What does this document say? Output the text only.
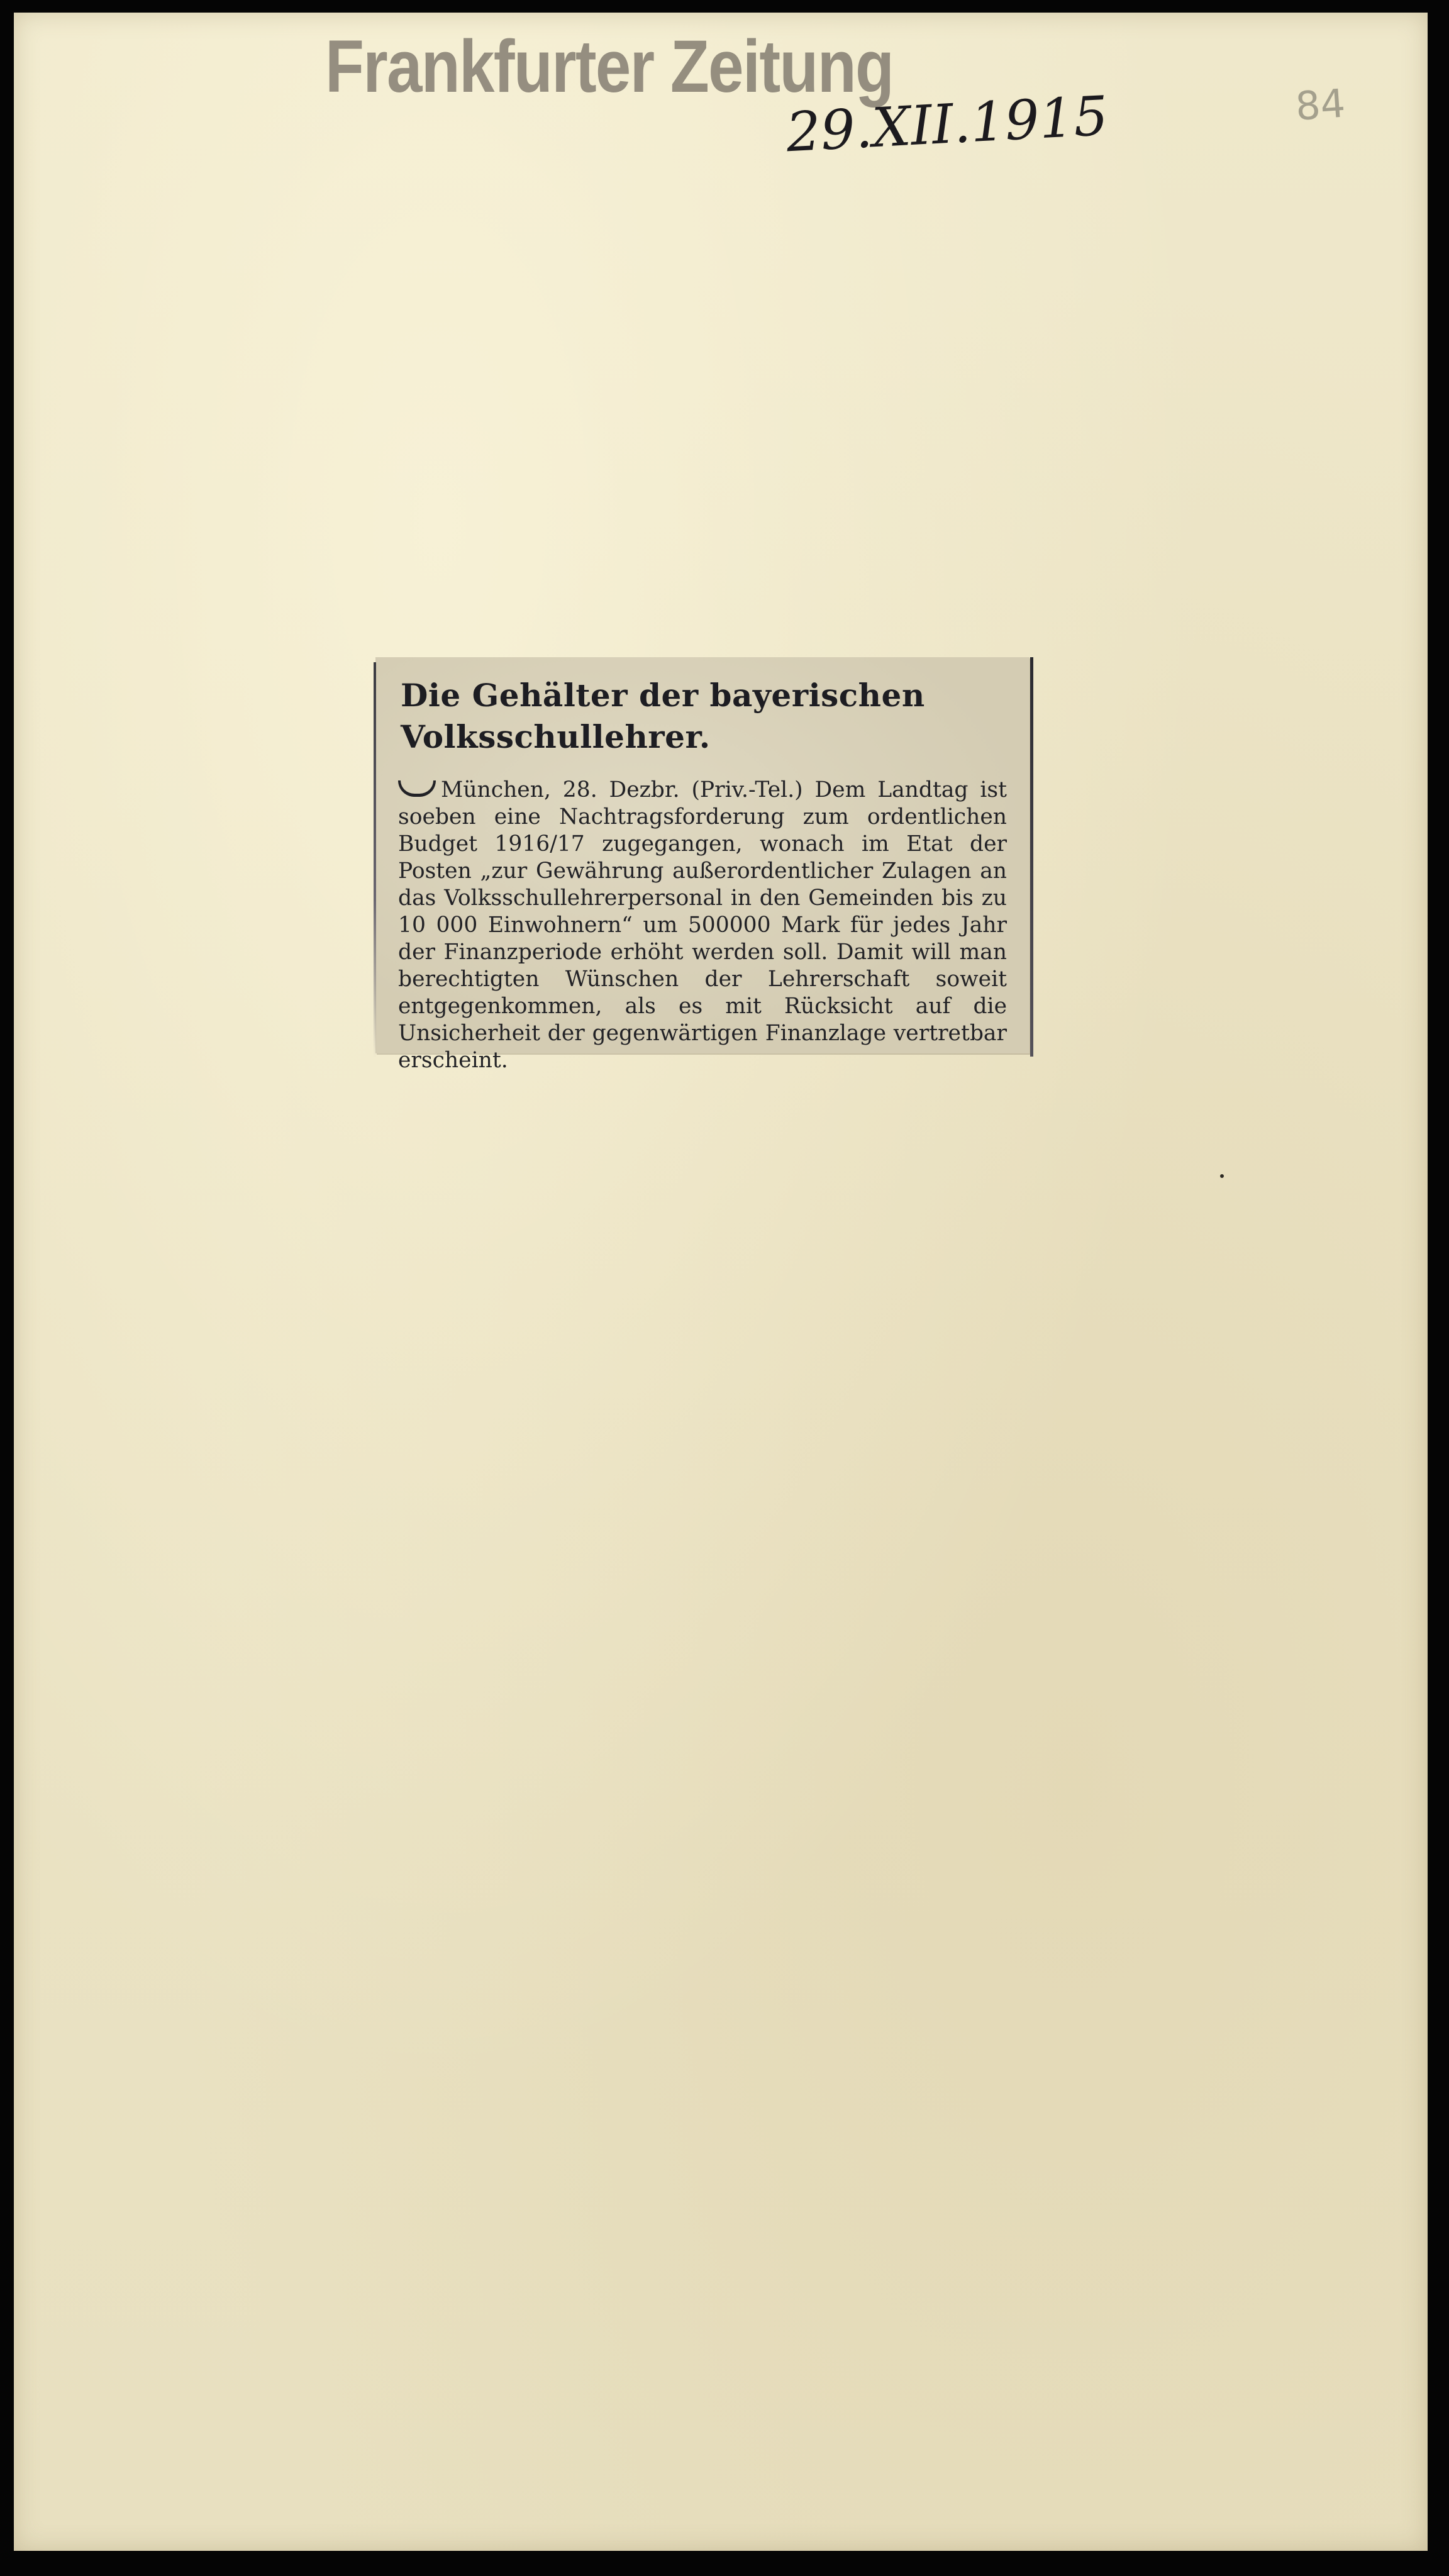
Frankfurter Zeitung
29.XII.1915	84
Die Gehälter der bayerischen Volksschullehrer.

München, 28. Dezbr. (Priv.-Tel.) Dem Landtag ist soeben eine Nachtragsforderung zum ordentlichen Budget 1916/17 zugegangen, wonach im Etat der Posten „zur Gewährung außerordentlicher Zulagen an das Volksschullehrerpersonal in den Gemeinden bis zu 10 000 Einwohnern“ um 500000 Mark für jedes Jahr der Finanzperiode erhöht werden soll. Damit will man berechtigten Wünschen der Lehrerschaft soweit entgegenkommen, als es mit Rücksicht auf die Unsicherheit der gegenwärtigen Finanzlage vertretbar erscheint.
